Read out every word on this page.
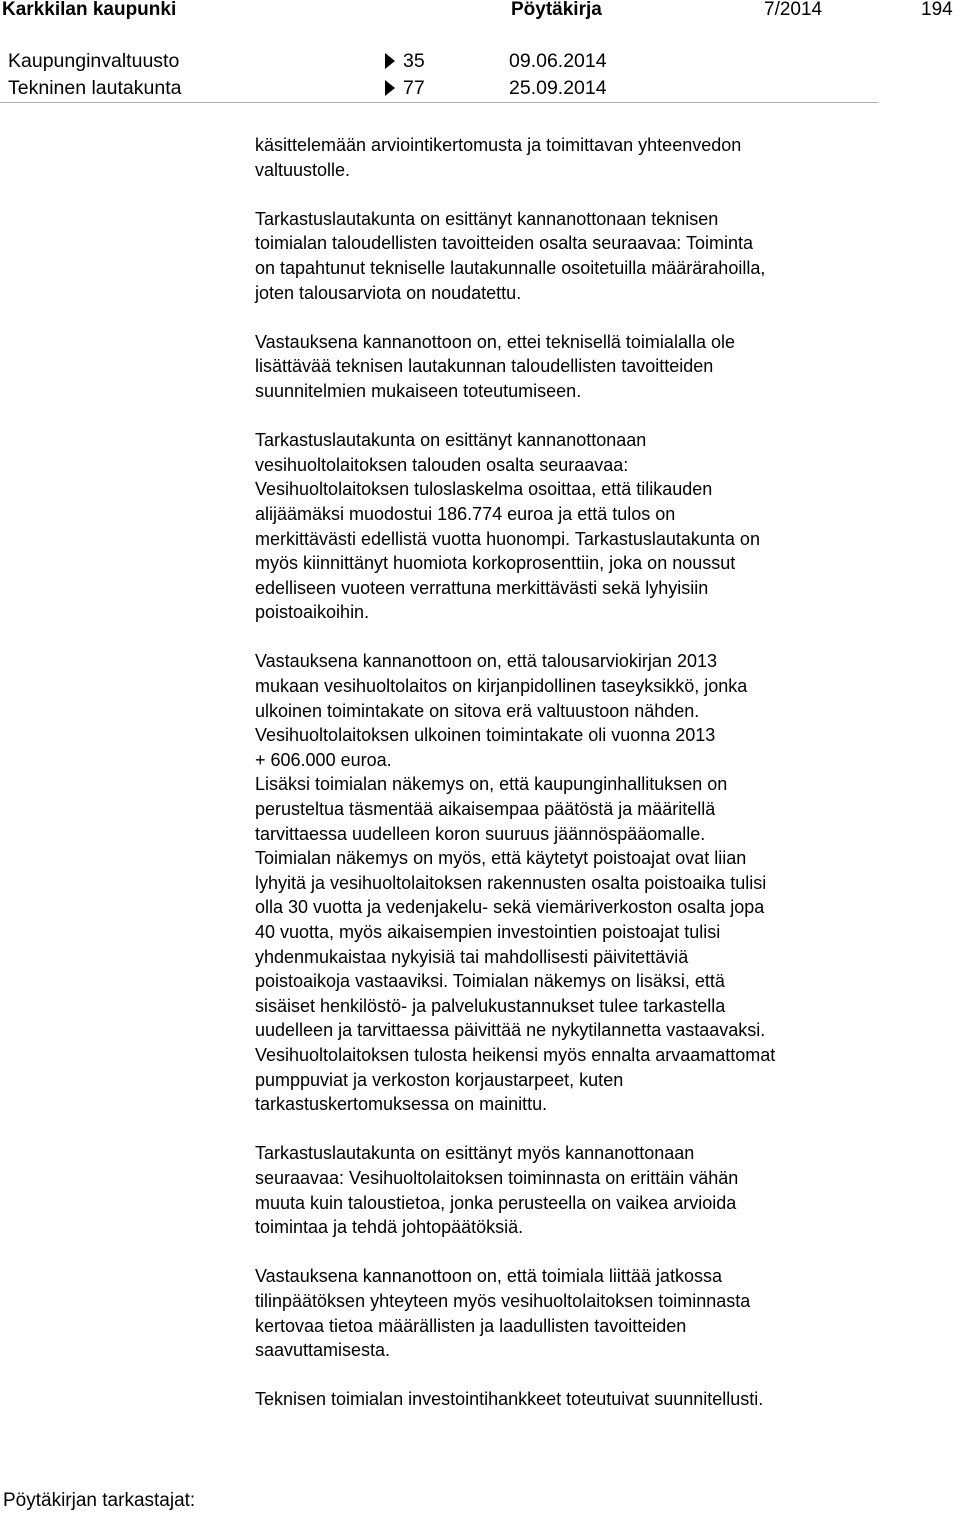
Karkkilan kaupunki	Pöytäkirja	7/2014	194
Kaupunginvaltuusto	35	09.06.2014
Tekninen lautakunta	77	25.09.2014
käsittelemään arviointikertomusta ja toimittavan yhteenvedon
valtuustolle.
Tarkastuslautakunta on esittänyt kannanottonaan teknisen
toimialan taloudellisten tavoitteiden osalta seuraavaa: Toiminta
on tapahtunut tekniselle lautakunnalle osoitetuilla määrärahoilla,
joten talousarviota on noudatettu.
Vastauksena kannanottoon on, ettei teknisellä toimialalla ole
lisättävää teknisen lautakunnan taloudellisten tavoitteiden
suunnitelmien mukaiseen toteutumiseen.
Tarkastuslautakunta on esittänyt kannanottonaan
vesihuoltolaitoksen talouden osalta seuraavaa:
Vesihuoltolaitoksen tuloslaskelma osoittaa, että tilikauden
alijäämäksi muodostui 186.774 euroa ja että tulos on
merkittävästi edellistä vuotta huonompi. Tarkastuslautakunta on
myös kiinnittänyt huomiota korkoprosenttiin, joka on noussut
edelliseen vuoteen verrattuna merkittävästi sekä lyhyisiin
poistoaikoihin.
Vastauksena kannanottoon on, että talousarviokirjan 2013
mukaan vesihuoltolaitos on kirjanpidollinen taseyksikkö, jonka
ulkoinen toimintakate on sitova erä valtuustoon nähden.
Vesihuoltolaitoksen ulkoinen toimintakate oli vuonna 2013
+ 606.000 euroa.
Lisäksi toimialan näkemys on, että kaupunginhallituksen on
perusteltua täsmentää aikaisempaa päätöstä ja määritellä
tarvittaessa uudelleen koron suuruus jäännöspääomalle.
Toimialan näkemys on myös, että käytetyt poistoajat ovat liian
lyhyitä ja vesihuoltolaitoksen rakennusten osalta poistoaika tulisi
olla 30 vuotta ja vedenjakelu- sekä viemäriverkoston osalta jopa
40 vuotta, myös aikaisempien investointien poistoajat tulisi
yhdenmukaistaa nykyisiä tai mahdollisesti päivitettäviä
poistoaikoja vastaaviksi. Toimialan näkemys on lisäksi, että
sisäiset henkilöstö- ja palvelukustannukset tulee tarkastella
uudelleen ja tarvittaessa päivittää ne nykytilannetta vastaavaksi.
Vesihuoltolaitoksen tulosta heikensi myös ennalta arvaamattomat
pumppuviat ja verkoston korjaustarpeet, kuten
tarkastuskertomuksessa on mainittu.
Tarkastuslautakunta on esittänyt myös kannanottonaan
seuraavaa: Vesihuoltolaitoksen toiminnasta on erittäin vähän
muuta kuin taloustietoa, jonka perusteella on vaikea arvioida
toimintaa ja tehdä johtopäätöksiä.
Vastauksena kannanottoon on, että toimiala liittää jatkossa
tilinpäätöksen yhteyteen myös vesihuoltolaitoksen toiminnasta
kertovaa tietoa määrällisten ja laadullisten tavoitteiden
saavuttamisesta.
Teknisen toimialan investointihankkeet toteutuivat suunnitellusti.
Pöytäkirjan tarkastajat:
